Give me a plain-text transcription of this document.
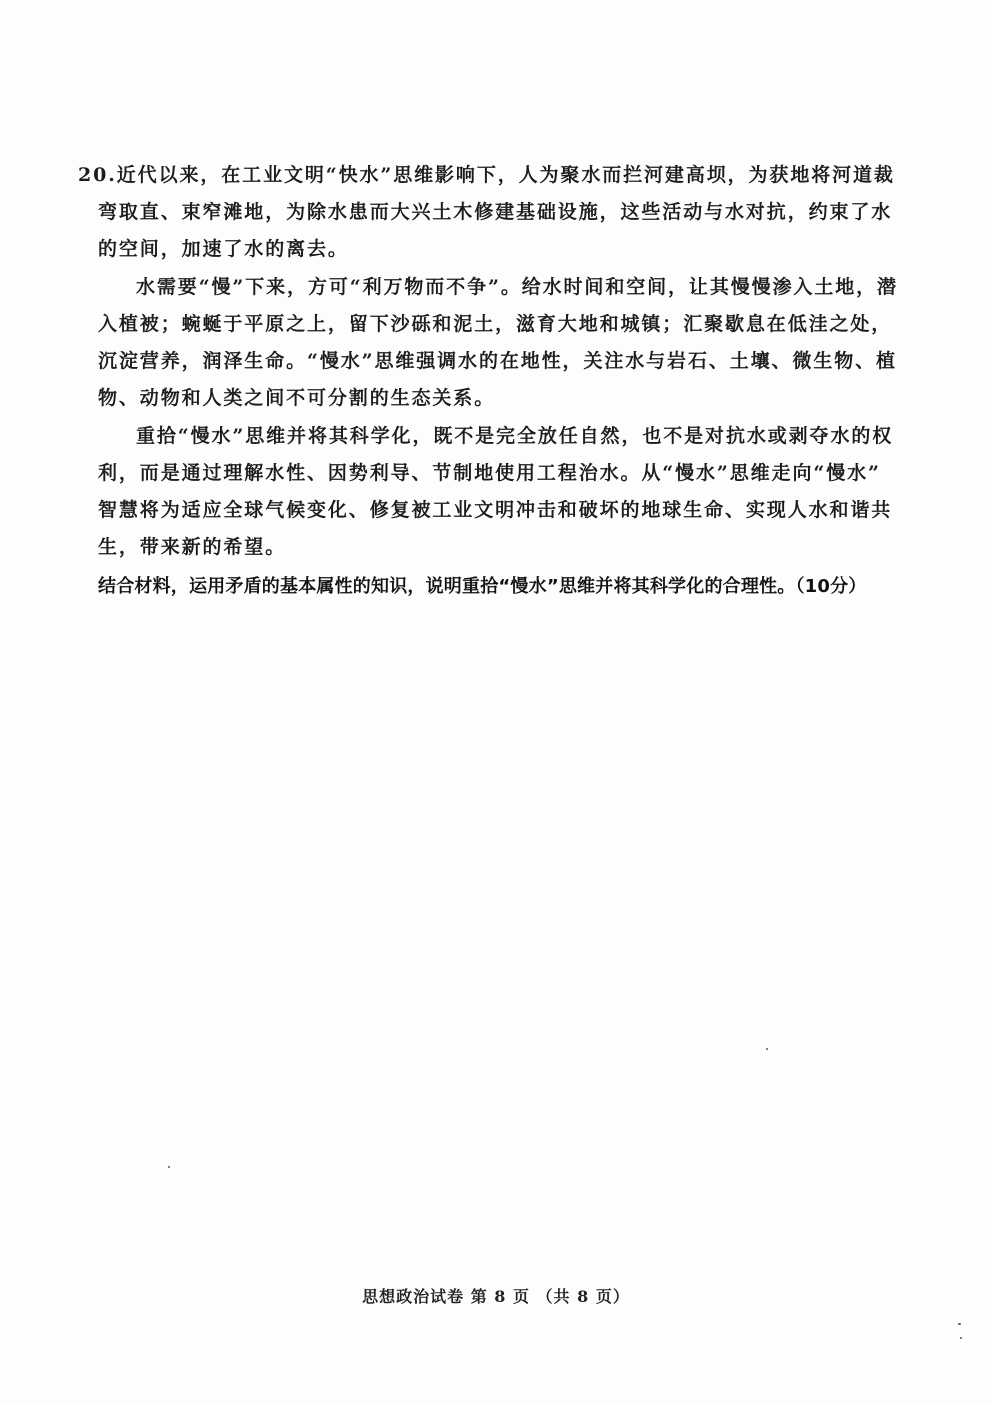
20.近代以来，在工业文明“快水”思维影响下，人为聚水而拦河建高坝，为获地将河道裁
弯取直、束窄滩地，为除水患而大兴土木修建基础设施，这些活动与水对抗，约束了水
的空间，加速了水的离去。
水需要“慢”下来，方可“利万物而不争”。给水时间和空间，让其慢慢渗入土地，潜
入植被；蜿蜒于平原之上，留下沙砾和泥土，滋育大地和城镇；汇聚歇息在低洼之处，
沉淀营养，润泽生命。“慢水”思维强调水的在地性，关注水与岩石、土壤、微生物、植
物、动物和人类之间不可分割的生态关系。
重拾“慢水”思维并将其科学化，既不是完全放任自然，也不是对抗水或剥夺水的权
利，而是通过理解水性、因势利导、节制地使用工程治水。从“慢水”思维走向“慢水”
智慧将为适应全球气候变化、修复被工业文明冲击和破坏的地球生命、实现人水和谐共
生，带来新的希望。
结合材料，运用矛盾的基本属性的知识，说明重拾“慢水”思维并将其科学化的合理性。（10分）
思想政治试卷 第 8 页 （共 8 页）
